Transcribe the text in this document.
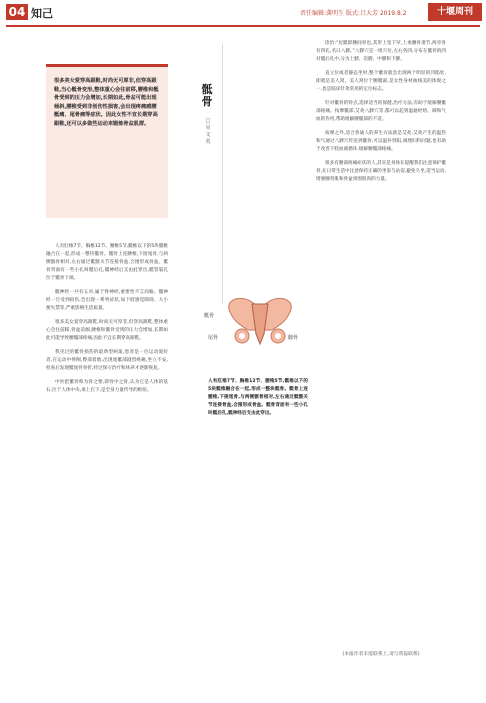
04 知己	责任编辑:龚明生 版式:吕大芳 2019.8.2	十堰周刊
很多美女爱穿高跟鞋,时尚无可厚非,但穿高跟鞋,当心骶骨变形,整体重心会往前移,腰椎和骶骨受到的压力会增加,长期如此,骨盆可能出现倾斜,腰椎受到非创伤性损害,会出现疼痛感腰骶痛、尾骨痛等症状。因此女性不宜长期穿高跟鞋,还可以多做些运动来锻炼骨盆肌群。

人有肛椎7节、胸椎12节、腰椎5节,骶椎以下的5块骶椎融合在一起,形成一整块骶骨。骶骨上连腰椎,下接尾骨,与两侧髂骨相对,左右通过骶髂关节连接骨盆,合围形成骨盆。骶骨背面有一些小孔叫骶后孔,骶神经后支由此穿出,骶管裂孔位于骶骨下端。

骶神经一共有五对,属于脊神经,重要性不言而喻。骶神经一旦受到损伤,会出现一系列症状,如下肢感觉障碍、大小便失禁等,严重影响生活质量。

很多美女爱穿高跟鞋,时尚无可厚非,但穿高跟鞋,整体重心会往前移,骨盆前倾,腰椎和骶骨受到的压力会增加,长期如此可能导致腰骶部疼痛,因此不宜长期穿高跟鞋。

我见过的骶骨损伤的最典型病案,患者是一位运动爱好者,在运动中摔倒,臀部着地,出现尾骶部剧烈疼痛,坐立不安,检查后发现骶尾骨骨折,经过保守治疗和休养才逐渐恢复。

中医把骶骨称为骨之要,即骨中之骨,认为它是人体的基石,位于人体中央,承上启下,是全身力量传导的枢纽。

骶骨
□吴文英
骶骨
尾骨	髋骨
人有肛椎7节、胸椎12节、腰椎5节,骶椎以下的5块骶椎融合在一起,形成一整块骶骨。骶骨上连腰椎,下接尾骨,与两侧髂骨相对,左右通过骶髂关节连接骨盆,合围形成骨盆。骶骨背面有一些小孔叫骶后孔,骶神经后支由此穿出。

诊治:“尻骶即腰间骨也,其形上宽下窄,上承腰骨诸节,两旁各有四孔,名曰八髎。”八髎穴是一组穴位,左右各四,分布在骶骨的四对骶后孔中,分为上髎、次髎、中髎和下髎。

直立位或者静态坐时,整个骶骨就会出现两个明显的凹陷处,即就是美人窝。美人窝位于腰骶部,是女性身材曲线美的体现之一,也是临床针灸常用的定位标志。

针对骶骨的特点,选择适当的保健,治疗方法,有助于缓解腰骶部疼痛。按摩骶部,艾灸八髎穴等,都可以起到温通经络、调和气血的作用,帮助缓解腰骶部的不适。

按摩之外,适合普通人的养生方法就是艾灸,艾灸产生的温热和气通过八髎穴传送到骶骨,可以温补肾阳,调理妇科问题,也有助于改善下肢血液循环,缓解腰骶部疼痛。

很多有腰部疼痛症状的人,其实是身体在提醒我们注意保护骶骨,在日常生活中注意保持正确的坐姿与站姿,避免久坐,适当运动,增强腰背肌和骨盆周围肌肉的力量。

(本报作者未能联系上,请与我报联系)
